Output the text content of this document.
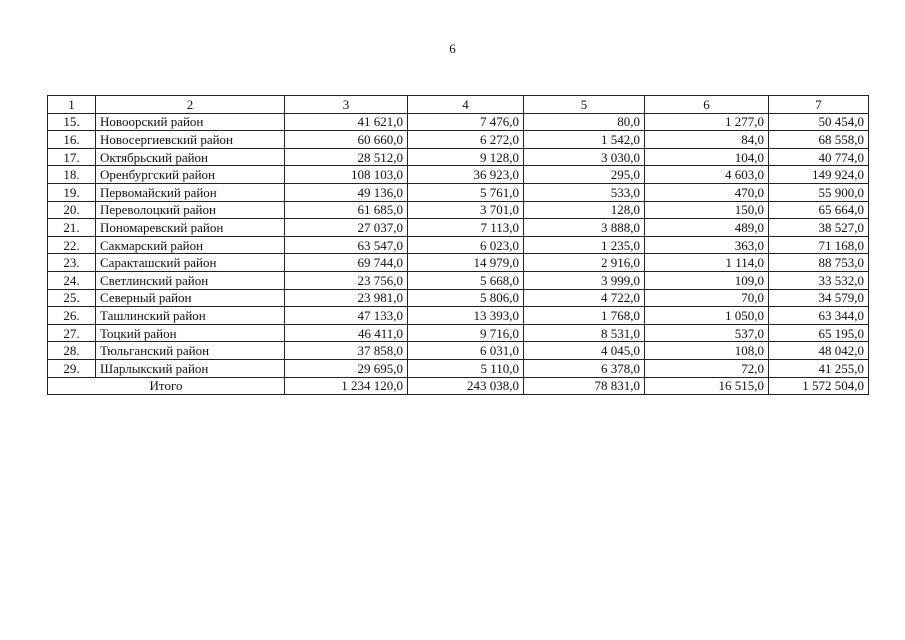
6
1	2	3	4	5	6	7
15.	Новоорский район	41 621,0	7 476,0	80,0	1 277,0	50 454,0
16.	Новосергиевский район	60 660,0	6 272,0	1 542,0	84,0	68 558,0
17.	Октябрьский район	28 512,0	9 128,0	3 030,0	104,0	40 774,0
18.	Оренбургский район	108 103,0	36 923,0	295,0	4 603,0	149 924,0
19.	Первомайский район	49 136,0	5 761,0	533,0	470,0	55 900,0
20.	Переволоцкий район	61 685,0	3 701,0	128,0	150,0	65 664,0
21.	Пономаревский район	27 037,0	7 113,0	3 888,0	489,0	38 527,0
22.	Сакмарский район	63 547,0	6 023,0	1 235,0	363,0	71 168,0
23.	Саракташский район	69 744,0	14 979,0	2 916,0	1 114,0	88 753,0
24.	Светлинский район	23 756,0	5 668,0	3 999,0	109,0	33 532,0
25.	Северный район	23 981,0	5 806,0	4 722,0	70,0	34 579,0
26.	Ташлинский район	47 133,0	13 393,0	1 768,0	1 050,0	63 344,0
27.	Тоцкий район	46 411,0	9 716,0	8 531,0	537,0	65 195,0
28.	Тюльганский район	37 858,0	6 031,0	4 045,0	108,0	48 042,0
29.	Шарлыкский район	29 695,0	5 110,0	6 378,0	72,0	41 255,0
Итого		1 234 120,0	243 038,0	78 831,0	16 515,0	1 572 504,0
